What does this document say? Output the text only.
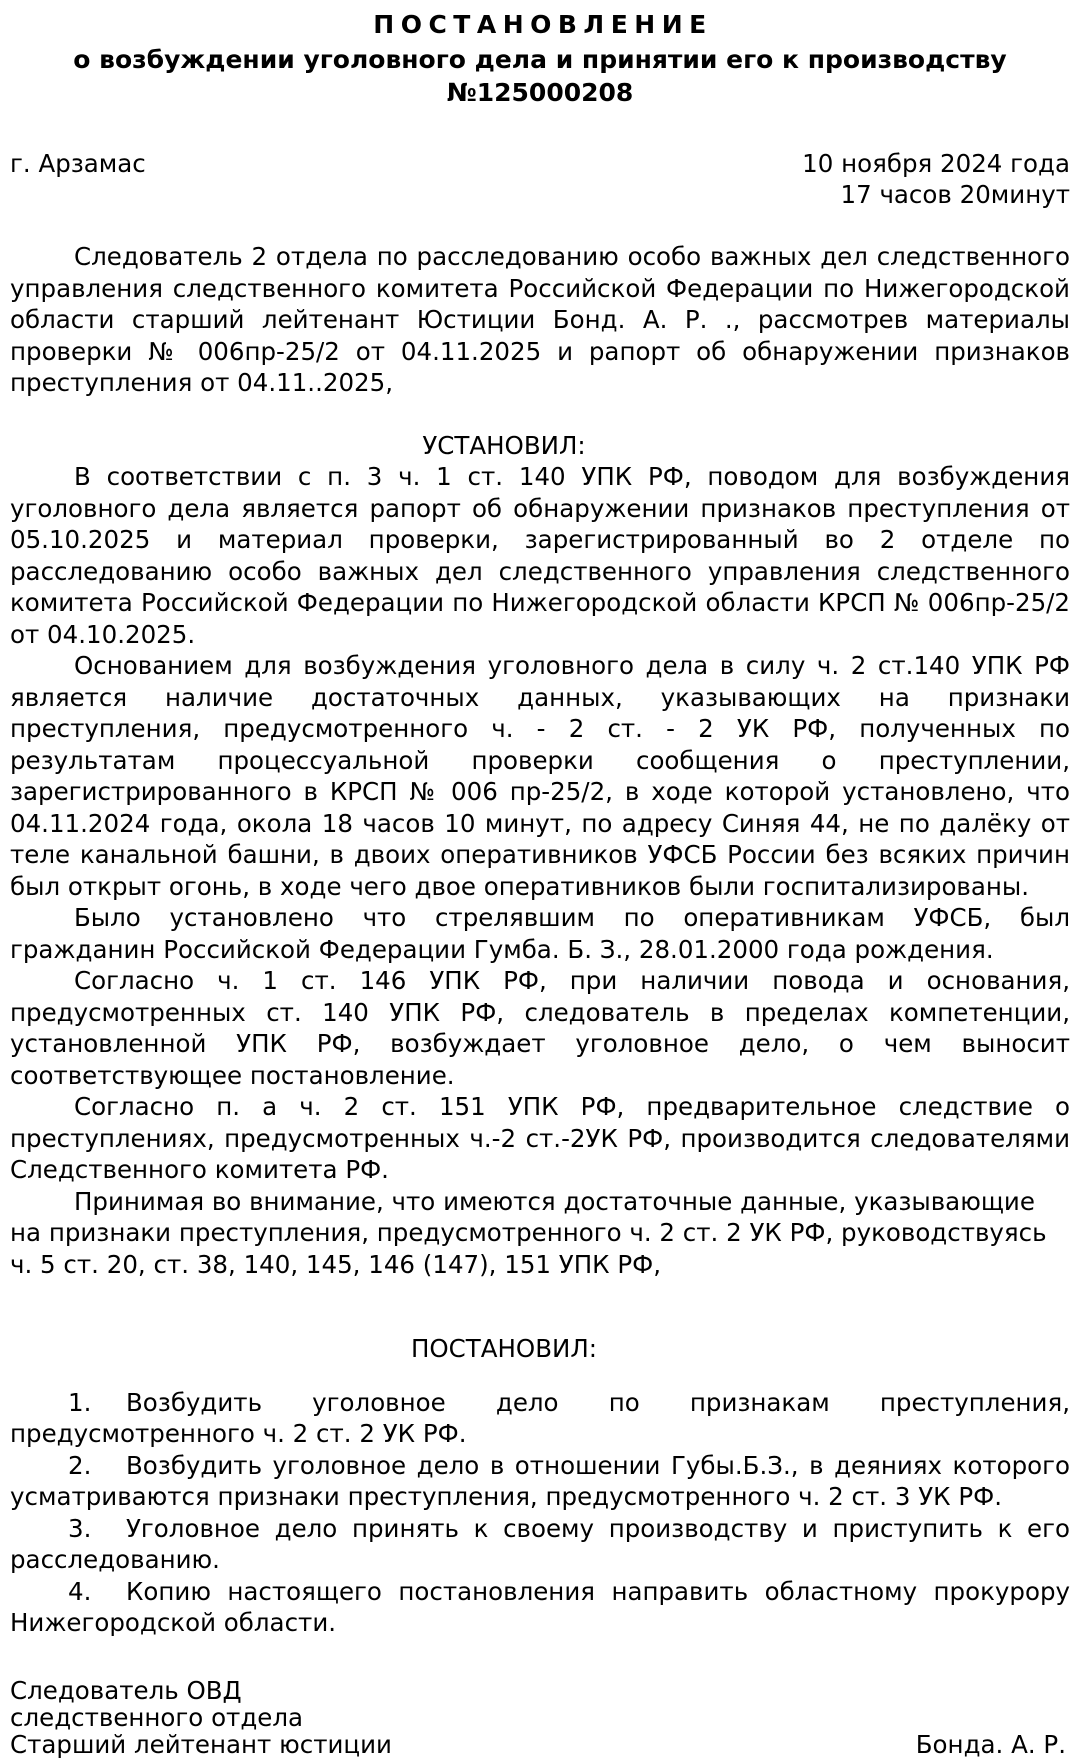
ПОСТАНОВЛЕНИЕ
о возбуждении уголовного дела и принятии его к производству
№125000208
г. Арзамас	10 ноября 2024 года
17 часов 20минут

Следователь 2 отдела по расследованию особо важных дел следственного управления следственного комитета Российской Федерации по Нижегородской области старший лейтенант Юстиции Бонд. А. Р. ., рассмотрев материалы проверки № 006пр-25/2 от 04.11.2025 и рапорт об обнаружении признаков преступления от 04.11..2025,

УСТАНОВИЛ:

В соответствии с п. 3 ч. 1 ст. 140 УПК РФ, поводом для возбуждения уголовного дела является рапорт об обнаружении признаков преступления от 05.10.2025 и материал проверки, зарегистрированный во 2 отделе по расследованию особо важных дел следственного управления следственного комитета Российской Федерации по Нижегородской области КРСП № 006пр-25/2 от 04.10.2025.

Основанием для возбуждения уголовного дела в силу ч. 2 ст.140 УПК РФ является наличие достаточных данных, указывающих на признаки преступления, предусмотренного ч. - 2 ст. - 2 УК РФ, полученных по результатам процессуальной проверки сообщения о преступлении, зарегистрированного в КРСП № 006 пр-25/2, в ходе которой установлено, что 04.11.2024 года, окола 18 часов 10 минут, по адресу Синяя 44, не по далёку от теле канальной башни, в двоих оперативников УФСБ России без всяких причин был открыт огонь, в ходе чего двое оперативников были госпитализированы.

Было установлено что стрелявшим по оперативникам УФСБ, был гражданин Российской Федерации Гумба. Б. З., 28.01.2000 года рождения.

Согласно ч. 1 ст. 146 УПК РФ, при наличии повода и основания, предусмотренных ст. 140 УПК РФ, следователь в пределах компетенции, установленной УПК РФ, возбуждает уголовное дело, о чем выносит соответствующее постановление.

Согласно п. а ч. 2 ст. 151 УПК РФ, предварительное следствие о преступлениях, предусмотренных ч.-2 ст.-2УК РФ, производится следователями Следственного комитета РФ.

Принимая во внимание, что имеются достаточные данные, указывающие на признаки преступления, предусмотренного ч. 2 ст. 2 УК РФ, руководствуясь ч. 5 ст. 20, ст. 38, 140, 145, 146 (147), 151 УПК РФ,

ПОСТАНОВИЛ:

1. Возбудить уголовное дело по признакам преступления, предусмотренного ч. 2 ст. 2 УК РФ.

2. Возбудить уголовное дело в отношении Губы.Б.З., в деяниях которого усматриваются признаки преступления, предусмотренного ч. 2 ст. 3 УК РФ.

3. Уголовное дело принять к своему производству и приступить к его расследованию.

4. Копию настоящего постановления направить областному прокурору Нижегородской области.

Следователь ОВД
следственного отдела
Старший лейтенант юстиции	Бонда. А. Р.
